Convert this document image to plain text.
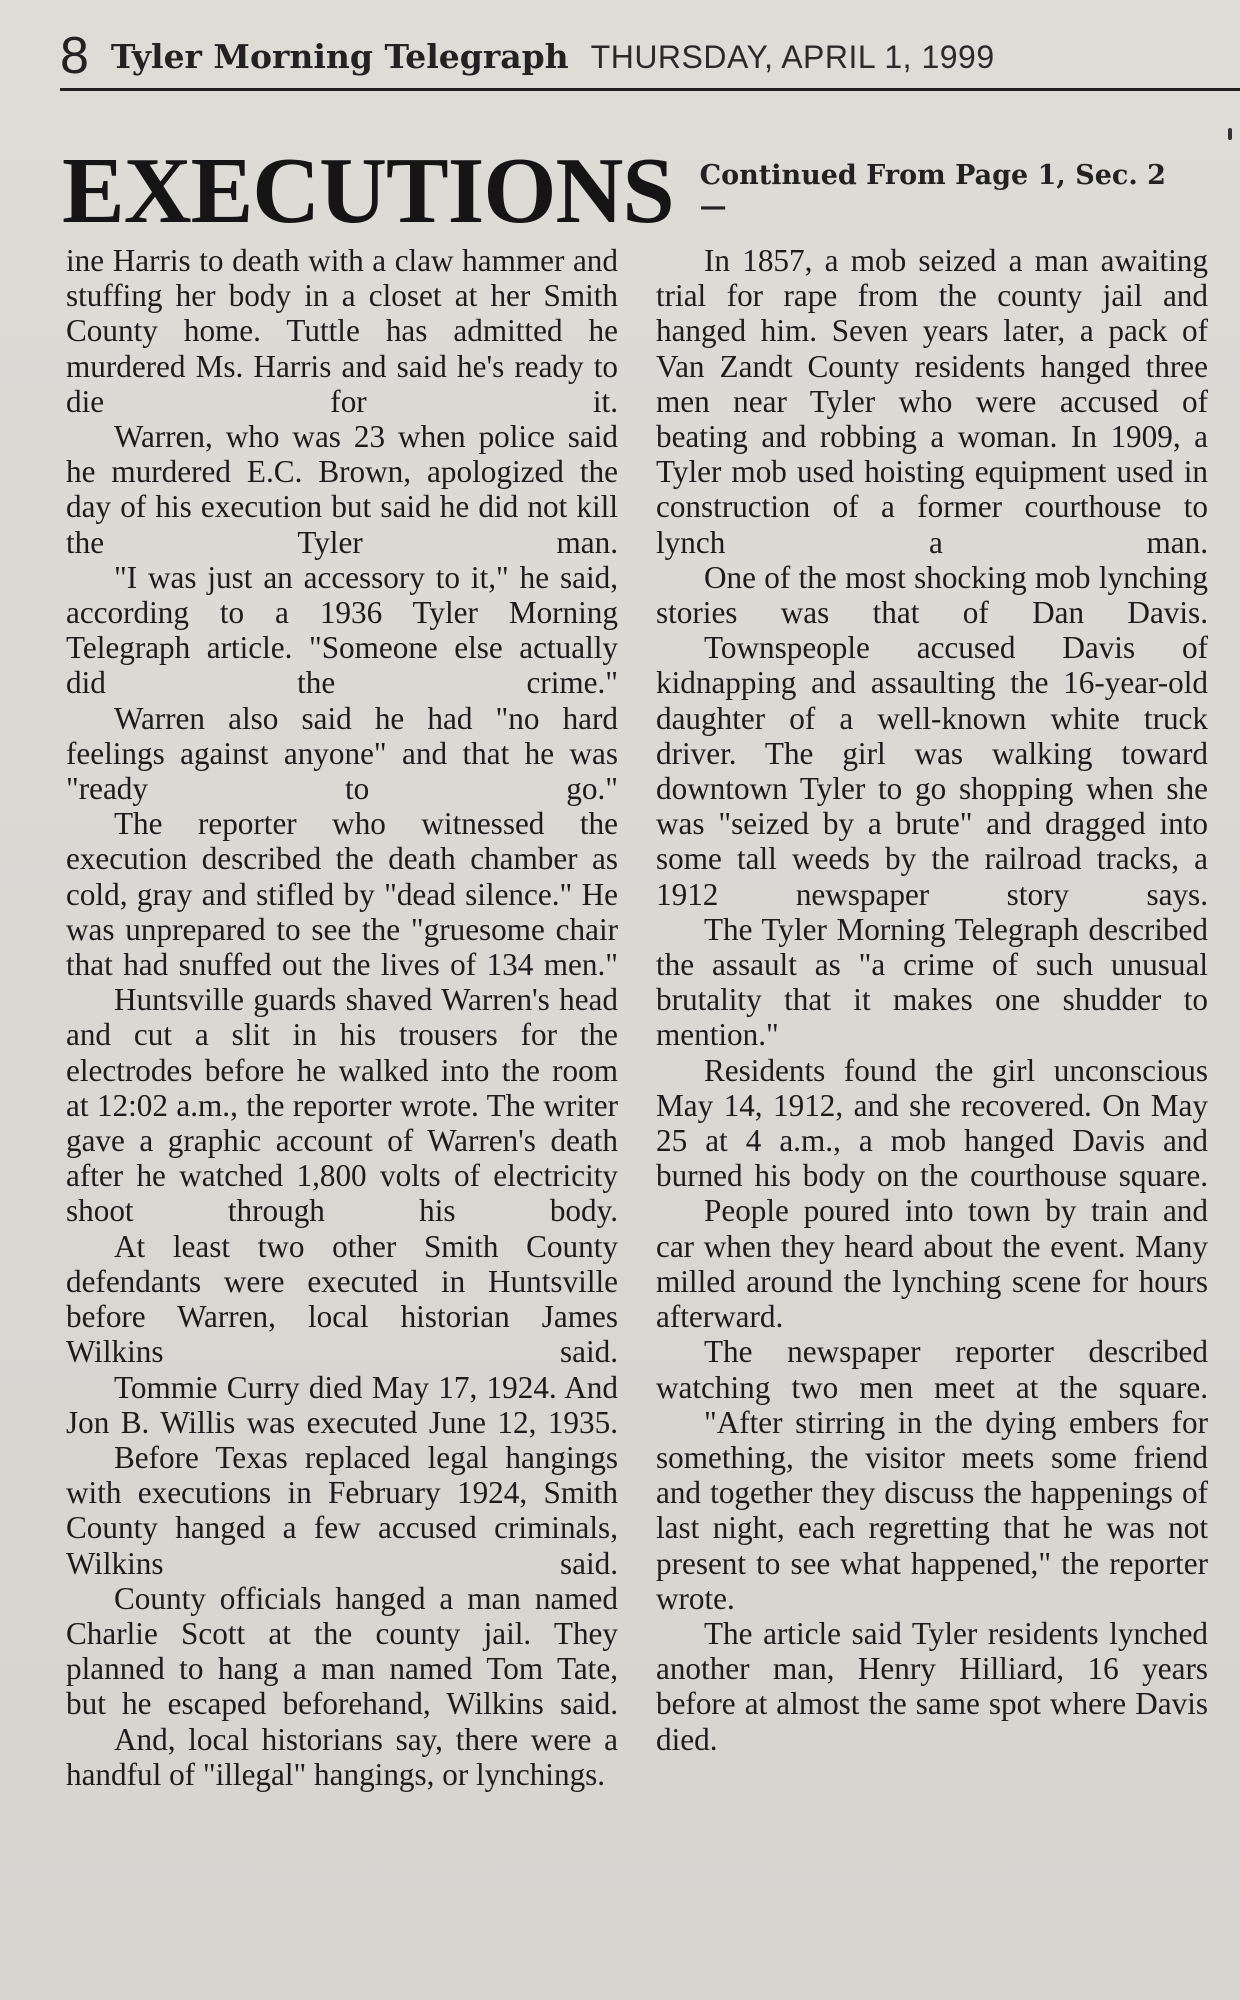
8 Tyler Morning Telegraph THURSDAY, APRIL 1, 1999
EXECUTIONS Continued From Page 1, Sec. 2 —

ine Harris to death with a claw hammer and stuffing her body in a closet at her Smith County home. Tuttle has admitted he murdered Ms. Harris and said he's ready to die for it.

Warren, who was 23 when police said he murdered E.C. Brown, apologized the day of his execution but said he did not kill the Tyler man.

"I was just an accessory to it," he said, according to a 1936 Tyler Morning Telegraph article. "Someone else actually did the crime."

Warren also said he had "no hard feelings against anyone" and that he was "ready to go."

The reporter who witnessed the execution described the death chamber as cold, gray and stifled by "dead silence." He was unprepared to see the "gruesome chair that had snuffed out the lives of 134 men."

Huntsville guards shaved Warren's head and cut a slit in his trousers for the electrodes before he walked into the room at 12:02 a.m., the reporter wrote. The writer gave a graphic account of Warren's death after he watched 1,800 volts of electricity shoot through his body.

At least two other Smith County defendants were executed in Huntsville before Warren, local historian James Wilkins said.

Tommie Curry died May 17, 1924. And Jon B. Willis was executed June 12, 1935.

Before Texas replaced legal hangings with executions in February 1924, Smith County hanged a few accused criminals, Wilkins said.

County officials hanged a man named Charlie Scott at the county jail. They planned to hang a man named Tom Tate, but he escaped beforehand, Wilkins said.

And, local historians say, there were a handful of "illegal" hangings, or lynchings.

In 1857, a mob seized a man awaiting trial for rape from the county jail and hanged him. Seven years later, a pack of Van Zandt County residents hanged three men near Tyler who were accused of beating and robbing a woman. In 1909, a Tyler mob used hoisting equipment used in construction of a former courthouse to lynch a man.

One of the most shocking mob lynching stories was that of Dan Davis.

Townspeople accused Davis of kidnapping and assaulting the 16-year-old daughter of a well-known white truck driver. The girl was walking toward downtown Tyler to go shopping when she was "seized by a brute" and dragged into some tall weeds by the railroad tracks, a 1912 newspaper story says.

The Tyler Morning Telegraph described the assault as "a crime of such unusual brutality that it makes one shudder to mention."

Residents found the girl unconscious May 14, 1912, and she recovered. On May 25 at 4 a.m., a mob hanged Davis and burned his body on the courthouse square.

People poured into town by train and car when they heard about the event. Many milled around the lynching scene for hours afterward.

The newspaper reporter described watching two men meet at the square.

"After stirring in the dying embers for something, the visitor meets some friend and together they discuss the happenings of last night, each regretting that he was not present to see what happened," the reporter wrote.

The article said Tyler residents lynched another man, Henry Hilliard, 16 years before at almost the same spot where Davis died.
